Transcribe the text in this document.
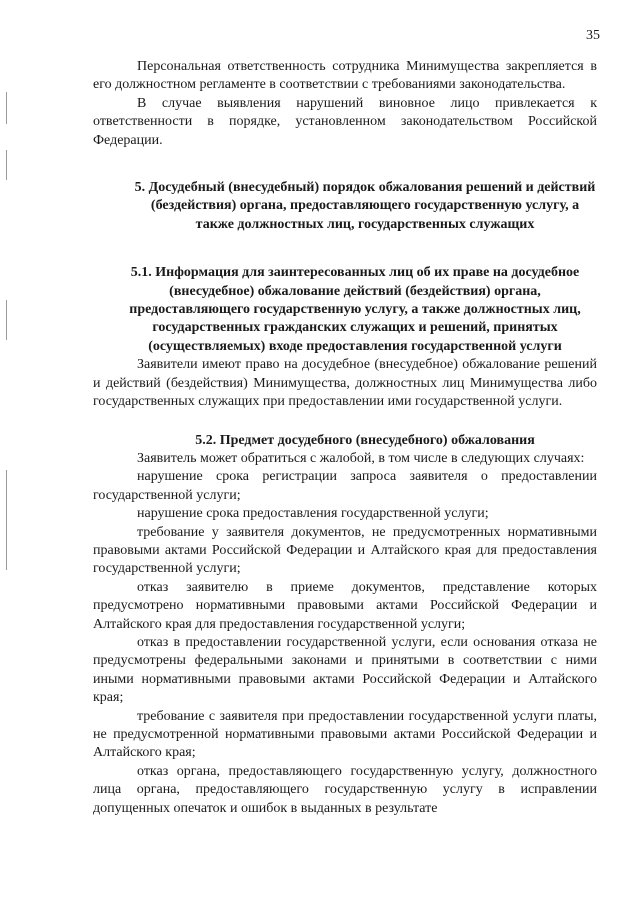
35

Персональная ответственность сотрудника Минимущества закрепляется в его должностном регламенте в соответствии с требованиями законодательства.

В случае выявления нарушений виновное лицо привлекается к ответственности в порядке, установленном законодательством Российской Федерации.

5. Досудебный (внесудебный) порядок обжалования решений и действий (бездействия) органа, предоставляющего государственную услугу, а также должностных лиц, государственных служащих

5.1. Информация для заинтересованных лиц об их праве на досудебное (внесудебное) обжалование действий (бездействия) органа, предоставляющего государственную услугу, а также должностных лиц, государственных гражданских служащих и решений, принятых (осуществляемых) входе предоставления государственной услуги

Заявители имеют право на досудебное (внесудебное) обжалование решений и действий (бездействия) Минимущества, должностных лиц Минимущества либо государственных служащих при предоставлении ими государственной услуги.

5.2. Предмет досудебного (внесудебного) обжалования

Заявитель может обратиться с жалобой, в том числе в следующих случаях:

нарушение срока регистрации запроса заявителя о предоставлении государственной услуги;

нарушение срока предоставления государственной услуги;

требование у заявителя документов, не предусмотренных нормативными правовыми актами Российской Федерации и Алтайского края для предоставления государственной услуги;

отказ заявителю в приеме документов, представление которых предусмотрено нормативными правовыми актами Российской Федерации и Алтайского края для предоставления государственной услуги;

отказ в предоставлении государственной услуги, если основания отказа не предусмотрены федеральными законами и принятыми в соответствии с ними иными нормативными правовыми актами Российской Федерации и Алтайского края;

требование с заявителя при предоставлении государственной услуги платы, не предусмотренной нормативными правовыми актами Российской Федерации и Алтайского края;

отказ органа, предоставляющего государственную услугу, должностного лица органа, предоставляющего государственную услугу в исправлении допущенных опечаток и ошибок в выданных в результате
